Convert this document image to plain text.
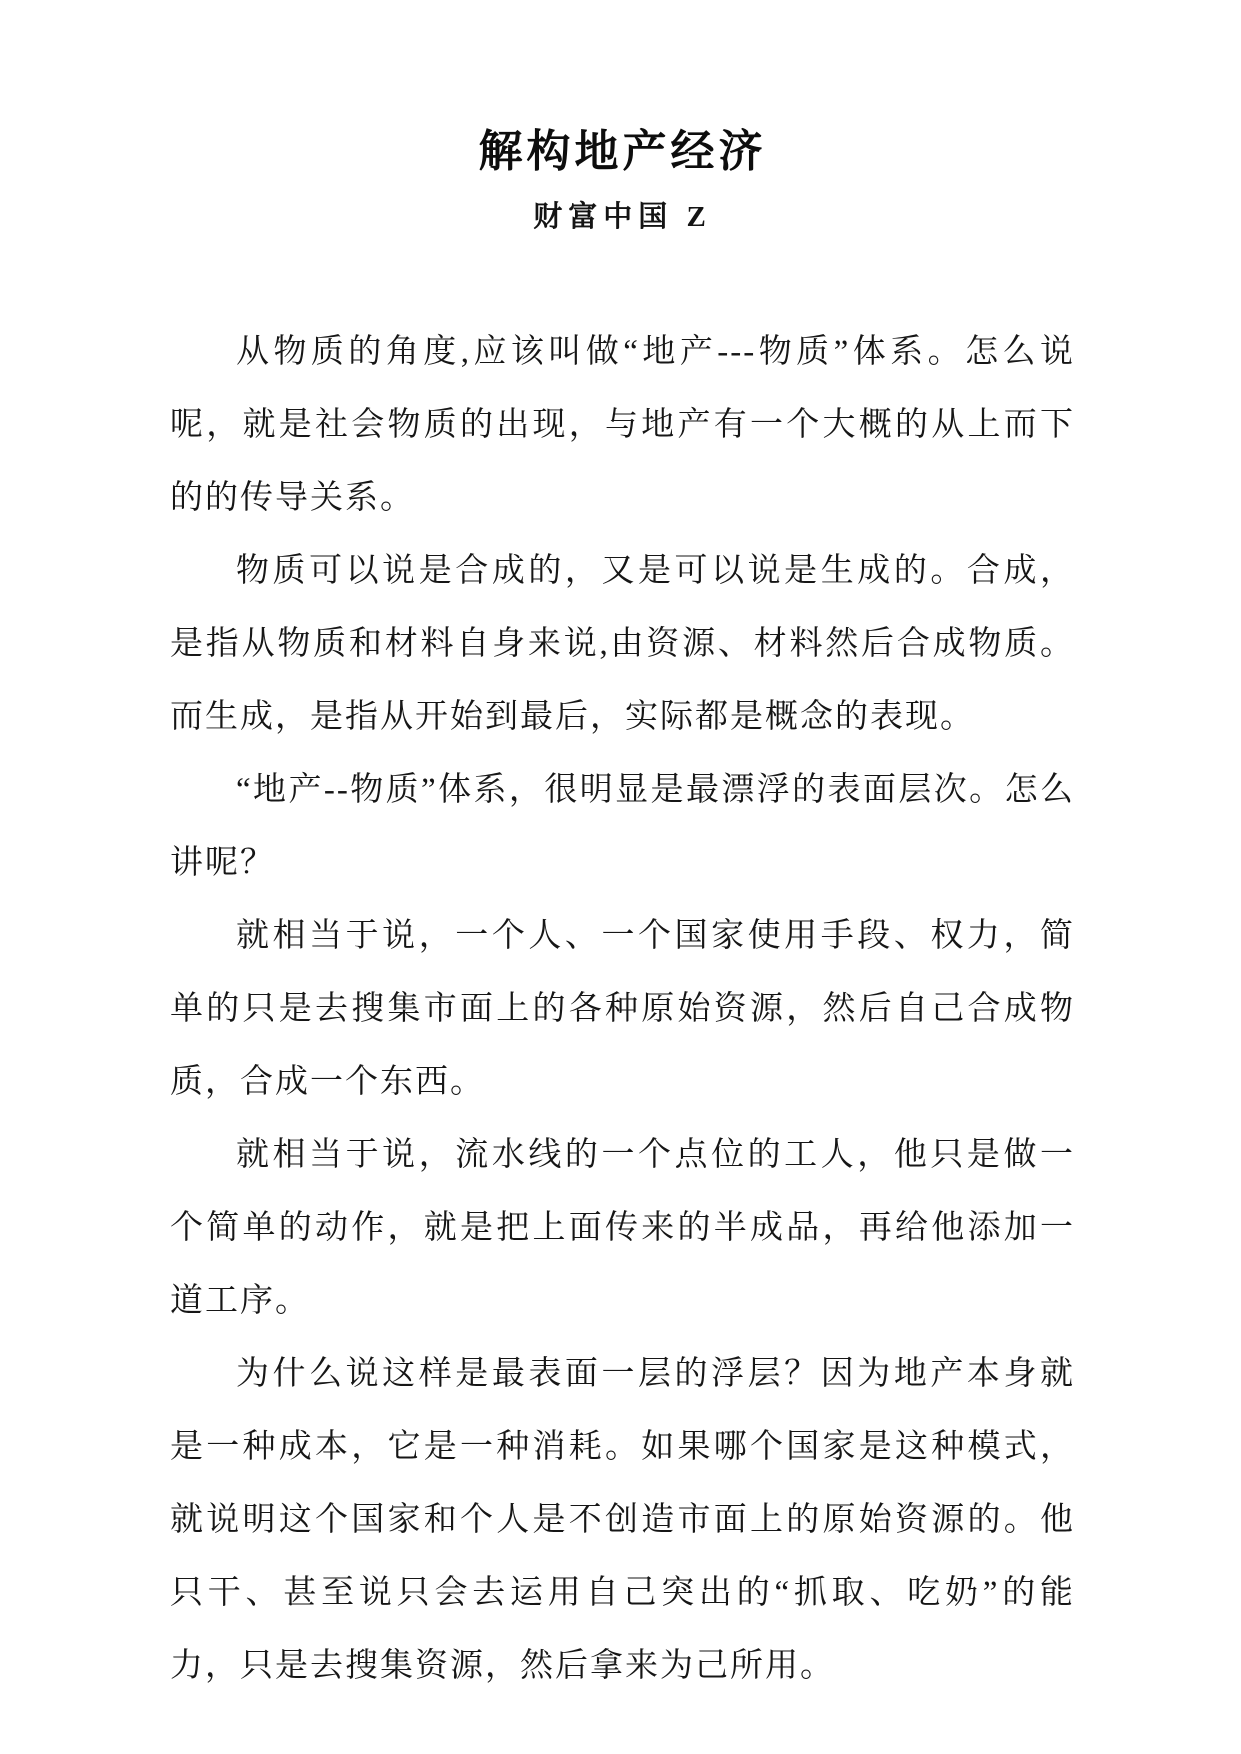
解构地产经济
财富中国 Z

从物质的角度,应该叫做“地产---物质”体系。怎么说呢，就是社会物质的出现，与地产有一个大概的从上而下的的传导关系。

物质可以说是合成的，又是可以说是生成的。合成，是指从物质和材料自身来说,由资源、材料然后合成物质。 而生成，是指从开始到最后，实际都是概念的表现。

“地产--物质”体系，很明显是最漂浮的表面层次。怎么讲呢？

就相当于说，一个人、一个国家使用手段、权力，简单的只是去搜集市面上的各种原始资源，然后自己合成物质，合成一个东西。

就相当于说，流水线的一个点位的工人，他只是做一个简单的动作，就是把上面传来的半成品，再给他添加一道工序。

为什么说这样是最表面一层的浮层？因为地产本身就是一种成本，它是一种消耗。如果哪个国家是这种模式，就说明这个国家和个人是不创造市面上的原始资源的。他只干、甚至说只会去运用自己突出的“抓取、吃奶”的能力，只是去搜集资源，然后拿来为己所用。
